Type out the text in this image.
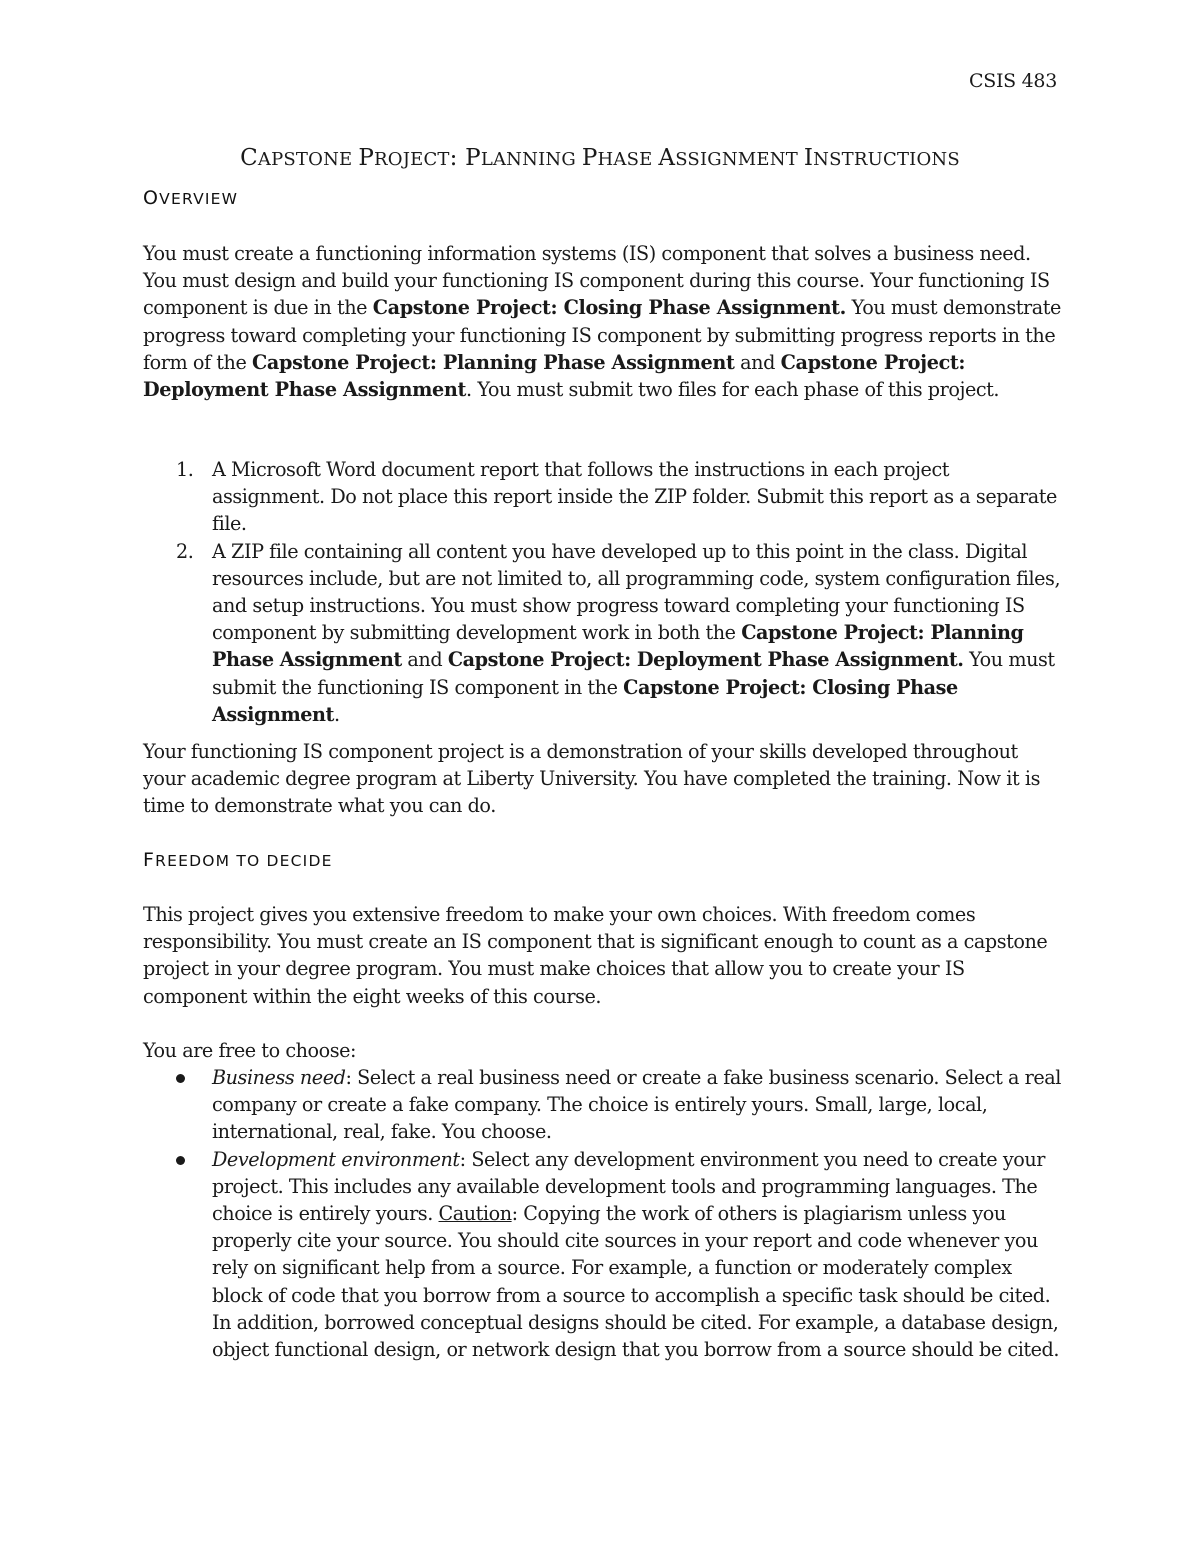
CSIS 483
CAPSTONE PROJECT: PLANNING PHASE ASSIGNMENT INSTRUCTIONS
OVERVIEW

You must create a functioning information systems (IS) component that solves a business need. You must design and build your functioning IS component during this course. Your functioning IS component is due in the Capstone Project: Closing Phase Assignment. You must demonstrate progress toward completing your functioning IS component by submitting progress reports in the form of the Capstone Project: Planning Phase Assignment and Capstone Project: Deployment Phase Assignment. You must submit two files for each phase of this project.

1. A Microsoft Word document report that follows the instructions in each project assignment. Do not place this report inside the ZIP folder. Submit this report as a separate file.
2. A ZIP file containing all content you have developed up to this point in the class. Digital resources include, but are not limited to, all programming code, system configuration files, and setup instructions. You must show progress toward completing your functioning IS component by submitting development work in both the Capstone Project: Planning Phase Assignment and Capstone Project: Deployment Phase Assignment. You must submit the functioning IS component in the Capstone Project: Closing Phase Assignment.

Your functioning IS component project is a demonstration of your skills developed throughout your academic degree program at Liberty University. You have completed the training. Now it is time to demonstrate what you can do.

FREEDOM TO DECIDE

This project gives you extensive freedom to make your own choices. With freedom comes responsibility. You must create an IS component that is significant enough to count as a capstone project in your degree program. You must make choices that allow you to create your IS component within the eight weeks of this course.

You are free to choose:

Business need: Select a real business need or create a fake business scenario. Select a real company or create a fake company. The choice is entirely yours. Small, large, local, international, real, fake. You choose.
Development environment: Select any development environment you need to create your project. This includes any available development tools and programming languages. The choice is entirely yours. Caution: Copying the work of others is plagiarism unless you properly cite your source. You should cite sources in your report and code whenever you rely on significant help from a source. For example, a function or moderately complex block of code that you borrow from a source to accomplish a specific task should be cited. In addition, borrowed conceptual designs should be cited. For example, a database design, object functional design, or network design that you borrow from a source should be cited.
